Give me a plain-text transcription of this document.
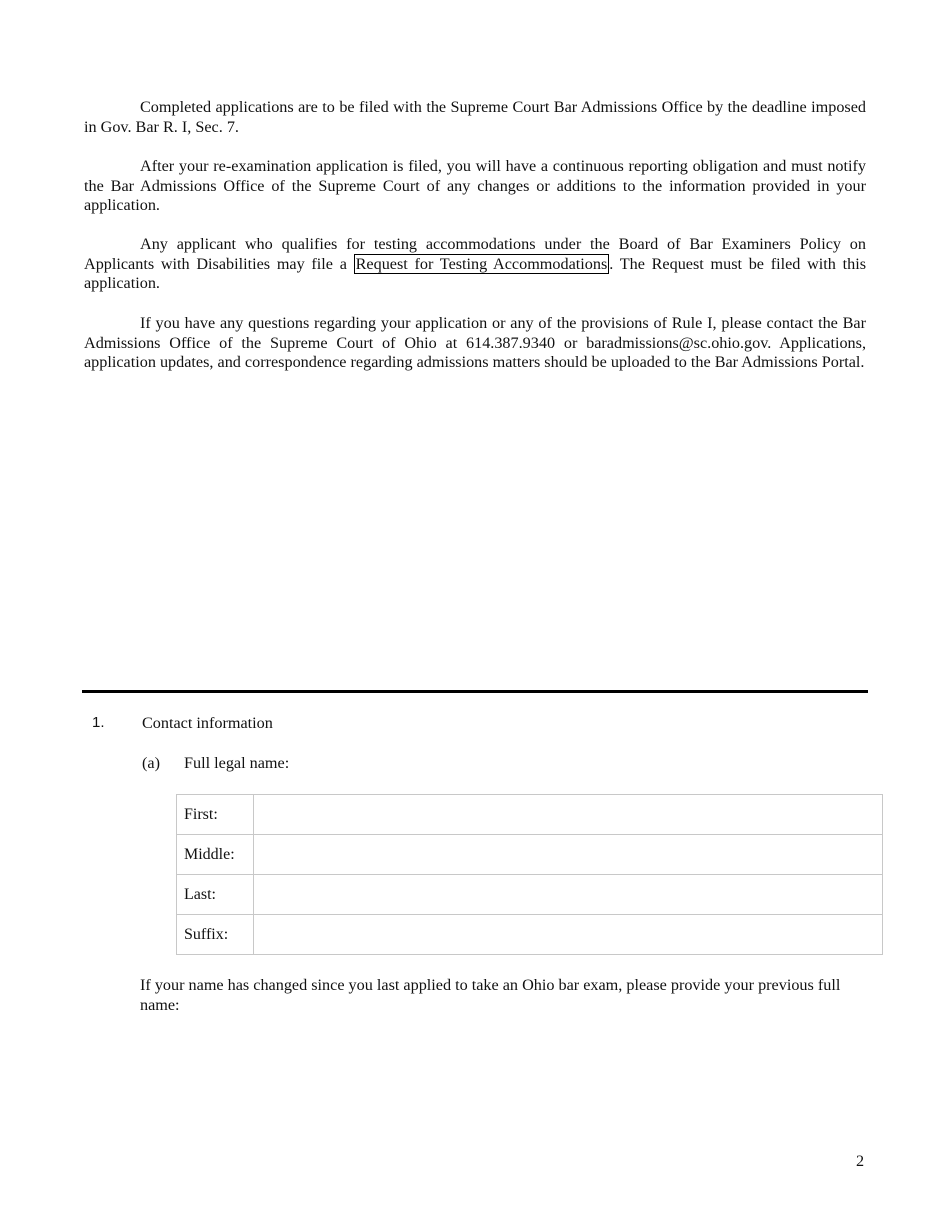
Completed applications are to be filed with the Supreme Court Bar Admissions Office by the deadline imposed in Gov. Bar R. I, Sec. 7.

After your re-examination application is filed, you will have a continuous reporting obligation and must notify the Bar Admissions Office of the Supreme Court of any changes or additions to the information provided in your application.

Any applicant who qualifies for testing accommodations under the Board of Bar Examiners Policy on Applicants with Disabilities may file a Request for Testing Accommodations . The Request must be filed with this application.

If you have any questions regarding your application or any of the provisions of Rule I, please contact the Bar Admissions Office of the Supreme Court of Ohio at 614.387.9340 or baradmissions@sc.ohio.gov. Applications, application updates, and correspondence regarding admissions matters should be uploaded to the Bar Admissions Portal.

1. Contact information
(a) Full legal name:
First:	
Middle:	
Last:	
Suffix:	

If your name has changed since you last applied to take an Ohio bar exam, please provide your previous full name:

2
